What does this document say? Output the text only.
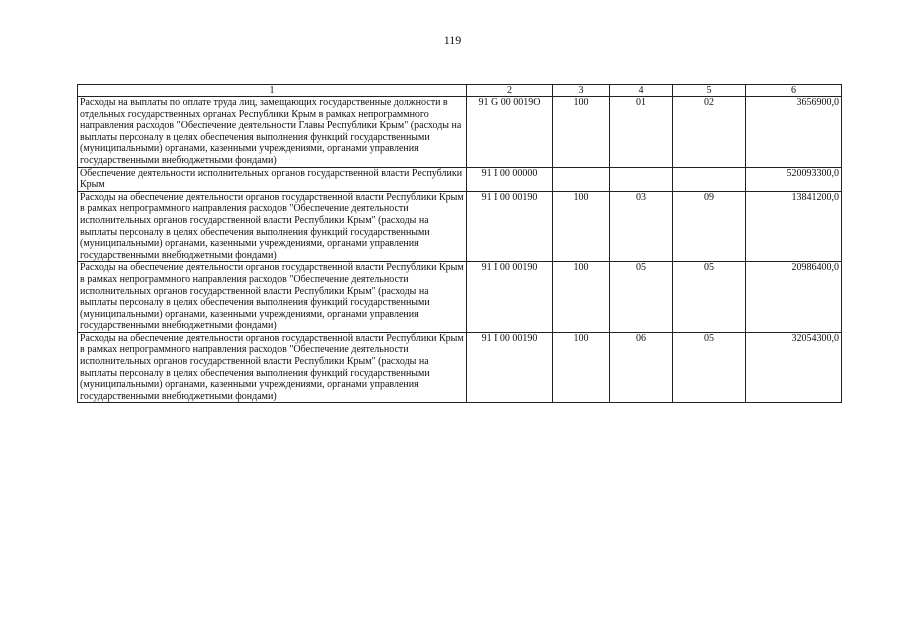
119
1	2	3	4	5	6
Расходы на выплаты по оплате труда лиц, замещающих государственные должности в отдельных государственных органах Республики Крым в рамках непрограммного направления расходов "Обеспечение деятельности Главы Республики Крым" (расходы на выплаты персоналу в целях обеспечения выполнения функций государственными (муниципальными) органами, казенными учреждениями, органами управления государственными внебюджетными фондами)	91 G 00 0019O	100	01	02	3656900,0
Обеспечение деятельности исполнительных органов государственной власти Республики Крым	91 I 00 00000				520093300,0
Расходы на обеспечение деятельности органов государственной власти Республики Крым в рамках непрограммного направления расходов "Обеспечение деятельности исполнительных органов государственной власти Республики Крым" (расходы на выплаты персоналу в целях обеспечения выполнения функций государственными (муниципальными) органами, казенными учреждениями, органами управления государственными внебюджетными фондами)	91 I 00 00190	100	03	09	13841200,0
Расходы на обеспечение деятельности органов государственной власти Республики Крым в рамках непрограммного направления расходов "Обеспечение деятельности исполнительных органов государственной власти Республики Крым" (расходы на выплаты персоналу в целях обеспечения выполнения функций государственными (муниципальными) органами, казенными учреждениями, органами управления государственными внебюджетными фондами)	91 I 00 00190	100	05	05	20986400,0
Расходы на обеспечение деятельности органов государственной власти Республики Крым в рамках непрограммного направления расходов "Обеспечение деятельности исполнительных органов государственной власти Республики Крым" (расходы на выплаты персоналу в целях обеспечения выполнения функций государственными (муниципальными) органами, казенными учреждениями, органами управления государственными внебюджетными фондами)	91 I 00 00190	100	06	05	32054300,0
